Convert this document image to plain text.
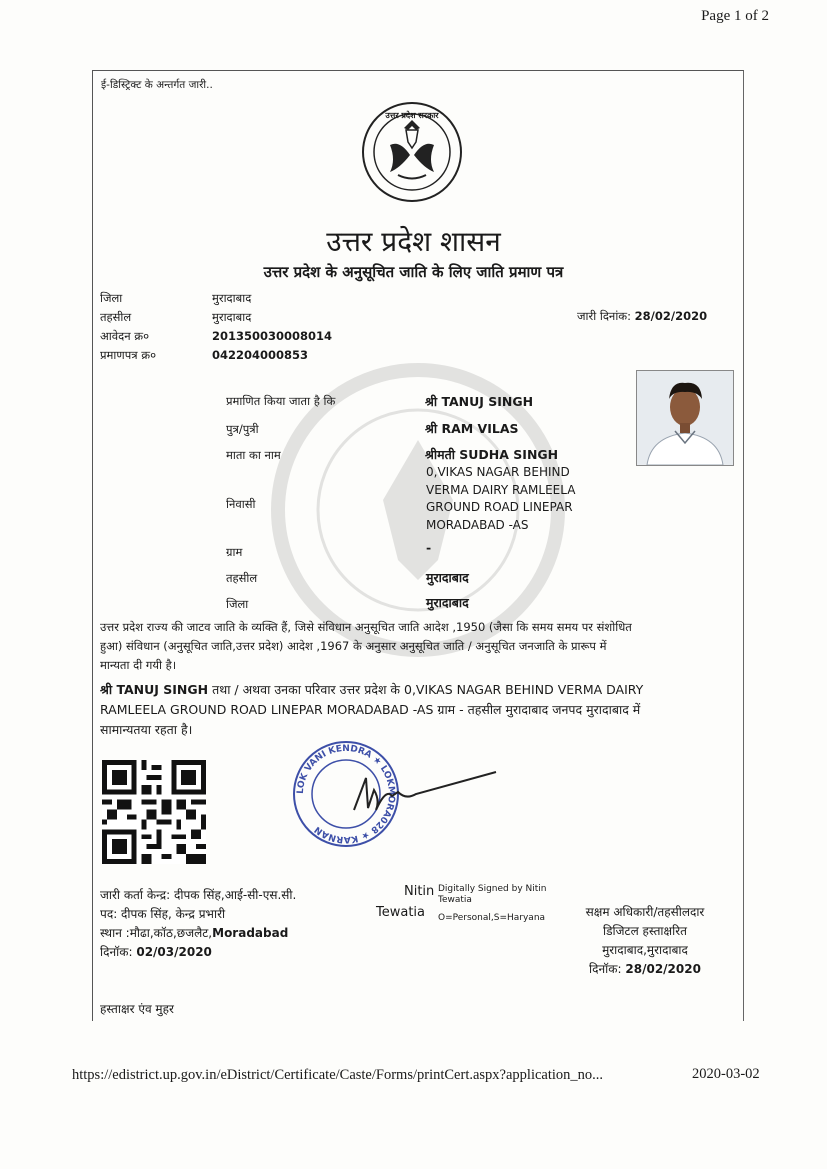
Page 1 of 2
ई-डिस्ट्रिक्ट के अन्तर्गत जारी..
उत्तर प्रदेश सरकार
उत्तर प्रदेश शासन
उत्तर प्रदेश के अनुसूचित जाति के लिए जाति प्रमाण पत्र
जिला	मुरादाबाद
तहसील	मुरादाबाद
आवेदन क्र०	201350030008014
प्रमाणपत्र क्र०	042204000853
जारी दिनांक: 28/02/2020
प्रमाणित किया जाता है कि	श्री TANUJ SINGH
पुत्र/पुत्री	श्री RAM VILAS
माता का नाम	श्रीमती SUDHA SINGH
निवासी
0,VIKAS NAGAR BEHIND
VERMA DAIRY RAMLEELA
GROUND ROAD LINEPAR
MORADABAD -AS
ग्राम	-
तहसील	मुरादाबाद
जिला	मुरादाबाद
उत्तर प्रदेश राज्य की जाटव जाति के व्यक्ति हैं, जिसे संविधान अनुसूचित जाति आदेश ,1950 (जैसा कि समय समय पर संशोधित
हुआ) संविधान (अनुसूचित जाति,उत्तर प्रदेश) आदेश ,1967 के अनुसार अनुसूचित जाति / अनुसूचित जनजाति के प्रारूप में
मान्यता दी गयी है।
श्री TANUJ SINGH तथा / अथवा उनका परिवार उत्तर प्रदेश के 0,VIKAS NAGAR BEHIND VERMA DAIRY
RAMLEELA GROUND ROAD LINEPAR MORADABAD -AS ग्राम - तहसील मुरादाबाद जनपद मुरादाबाद में
सामान्यतया रहता है।
LOK VANI KENDRA ★ LOKMORA028 ★ KARNAN
जारी कर्ता केन्द्र: दीपक सिंह,आई-सी-एस.सी.
पद: दीपक सिंह, केन्द्र प्रभारी
स्थान :मौढा,कॉठ,छजलैट,Moradabad
दिनॉक: 02/03/2020
Nitin
Tewatia
Digitally Signed by Nitin
Tewatia
O=Personal,S=Haryana	सक्षम अधिकारी/तहसीलदार
डिजिटल हस्ताक्षरित
मुरादाबाद,मुरादाबाद
दिनॉक: 28/02/2020
हस्ताक्षर एंव मुहर
https://edistrict.up.gov.in/eDistrict/Certificate/Caste/Forms/printCert.aspx?application_no...	2020-03-02
